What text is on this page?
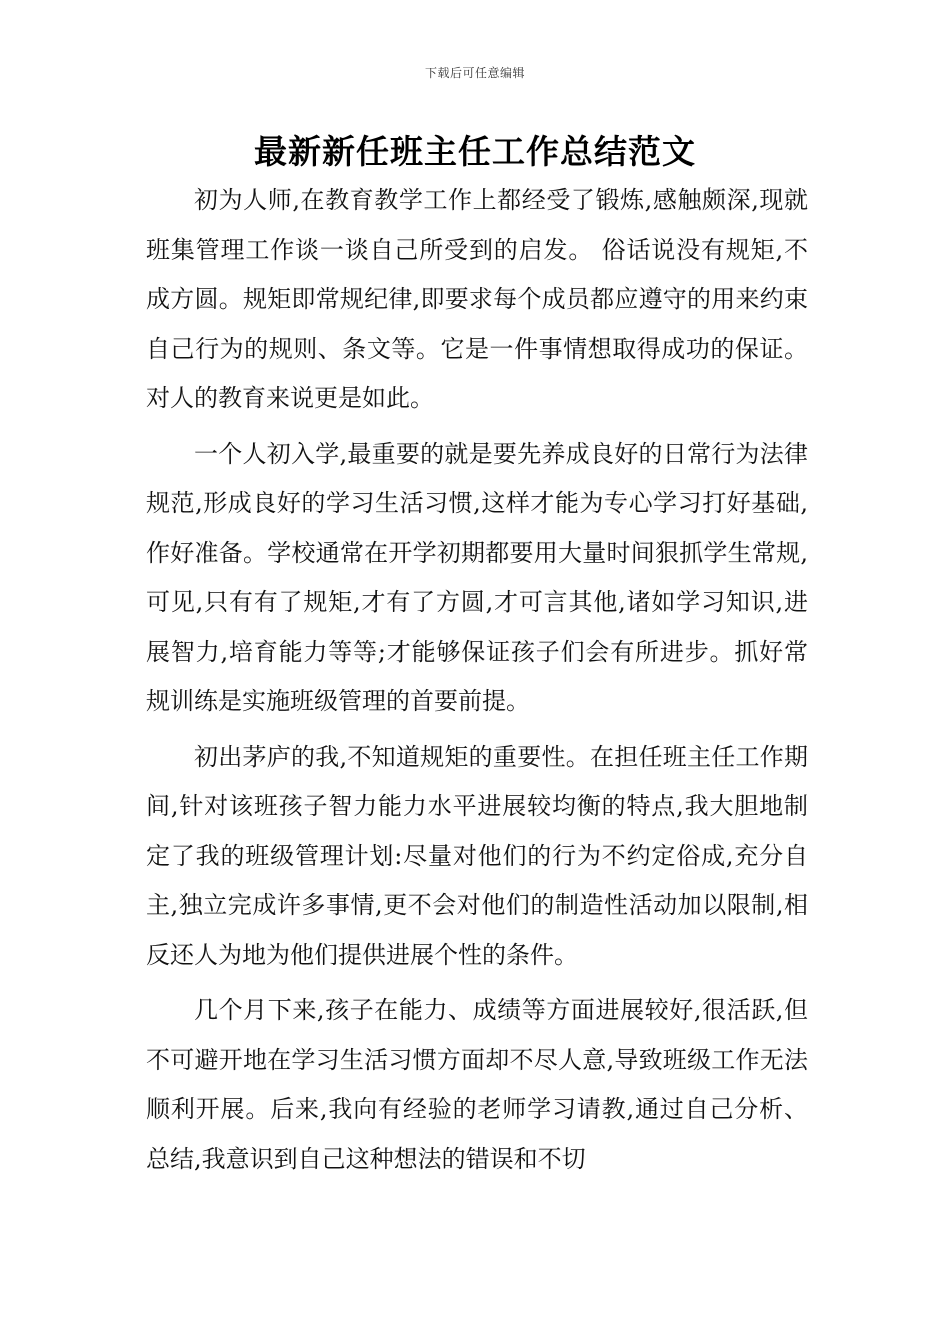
下载后可任意编辑
最新新任班主任工作总结范文

初为人师,在教育教学工作上都经受了锻炼,感触颇深,现就班集管理工作谈一谈自己所受到的启发。 俗话说没有规矩,不成方圆。规矩即常规纪律,即要求每个成员都应遵守的用来约束自己行为的规则、条文等。它是一件事情想取得成功的保证。对人的教育来说更是如此。

一个人初入学,最重要的就是要先养成良好的日常行为法律规范,形成良好的学习生活习惯,这样才能为专心学习打好基础,作好准备。学校通常在开学初期都要用大量时间狠抓学生常规,可见,只有有了规矩,才有了方圆,才可言其他,诸如学习知识,进展智力,培育能力等等;才能够保证孩子们会有所进步。抓好常规训练是实施班级管理的首要前提。

初出茅庐的我,不知道规矩的重要性。在担任班主任工作期间,针对该班孩子智力能力水平进展较均衡的特点,我大胆地制定了我的班级管理计划:尽量对他们的行为不约定俗成,充分自主,独立完成许多事情,更不会对他们的制造性活动加以限制,相反还人为地为他们提供进展个性的条件。

几个月下来,孩子在能力、成绩等方面进展较好,很活跃,但不可避开地在学习生活习惯方面却不尽人意,导致班级工作无法顺利开展。后来,我向有经验的老师学习请教,通过自己分析、总结,我意识到自己这种想法的错误和不切
